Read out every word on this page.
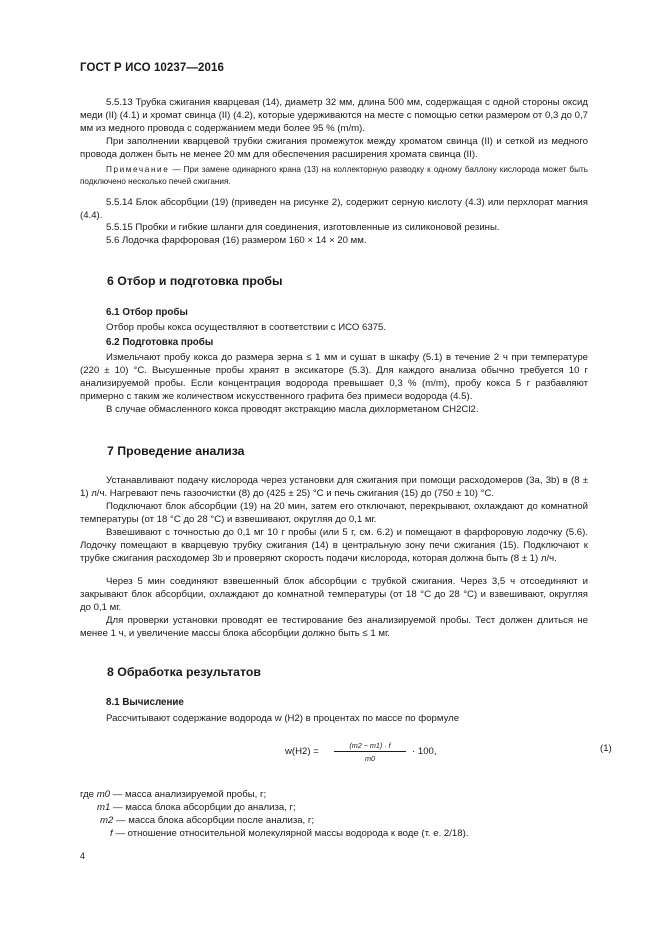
ГОСТ Р ИСО 10237—2016

5.5.13 Трубка сжигания кварцевая (14), диаметр 32 мм, длина 500 мм, содержащая с одной стороны оксид меди (II) (4.1) и хромат свинца (II) (4.2), которые удерживаются на месте с помощью сетки размером от 0,3 до 0,7 мм из медного провода с содержанием меди более 95 % (m/m).

При заполнении кварцевой трубки сжигания промежуток между хроматом свинца (II) и сеткой из медного провода должен быть не менее 20 мм для обеспечения расширения хромата свинца (II).

Примечание — При замене одинарного крана (13) на коллекторную разводку к одному баллону кислорода может быть подключено несколько печей сжигания.

5.5.14 Блок абсорбции (19) (приведен на рисунке 2), содержит серную кислоту (4.3) или перхлорат магния (4.4).

5.5.15 Пробки и гибкие шланги для соединения, изготовленные из силиконовой резины.

5.6 Лодочка фарфоровая (16) размером 160 × 14 × 20 мм.

6 Отбор и подготовка пробы
6.1 Отбор пробы

Отбор пробы кокса осуществляют в соответствии с ИСО 6375.

6.2 Подготовка пробы

Измельчают пробу кокса до размера зерна ≤ 1 мм и сушат в шкафу (5.1) в течение 2 ч при температуре (220 ± 10) °C. Высушенные пробы хранят в эксикаторе (5.3). Для каждого анализа обычно требуется 10 г анализируемой пробы. Если концентрация водорода превышает 0,3 % (m/m), пробу кокса 5 г разбавляют примерно с таким же количеством искусственного графита без примеси водорода (4.5).

В случае обмасленного кокса проводят экстракцию масла дихлорметаном CH2Cl2.

7 Проведение анализа

Устанавливают подачу кислорода через установки для сжигания при помощи расходомеров (3а, 3b) в (8 ± 1) л/ч. Нагревают печь газоочистки (8) до (425 ± 25) °C и печь сжигания (15) до (750 ± 10) °C.

Подключают блок абсорбции (19) на 20 мин, затем его отключают, перекрывают, охлаждают до комнатной температуры (от 18 °C до 28 °C) и взвешивают, округляя до 0,1 мг.

Взвешивают с точностью до 0,1 мг 10 г пробы (или 5 г, см. 6.2) и помещают в фарфоровую лодочку (5.6). Лодочку помещают в кварцевую трубку сжигания (14) в центральную зону печи сжигания (15). Подключают к трубке сжигания расходомер 3b и проверяют скорость подачи кислорода, которая должна быть (8 ± 1) л/ч.

Через 5 мин соединяют взвешенный блок абсорбции с трубкой сжигания. Через 3,5 ч отсоединяют и закрывают блок абсорбции, охлаждают до комнатной температуры (от 18 °C до 28 °C) и взвешивают, округляя до 0,1 мг.

Для проверки установки проводят ее тестирование без анализируемой пробы. Тест должен длиться не менее 1 ч, и увеличение массы блока абсорбции должно быть ≤ 1 мг.

8 Обработка результатов
8.1 Вычисление

Рассчитывают содержание водорода w (H2) в процентах по массе по формуле

$w(H2) = \frac{(m2 - m1) \cdot f}{m0} \cdot 100$,	(1)
где m0 — масса анализируемой пробы, г;
m1 — масса блока абсорбции до анализа, г;
m2 — масса блока абсорбции после анализа, г;
f — отношение относительной молекулярной массы водорода к воде (т. е. 2/18).
4
